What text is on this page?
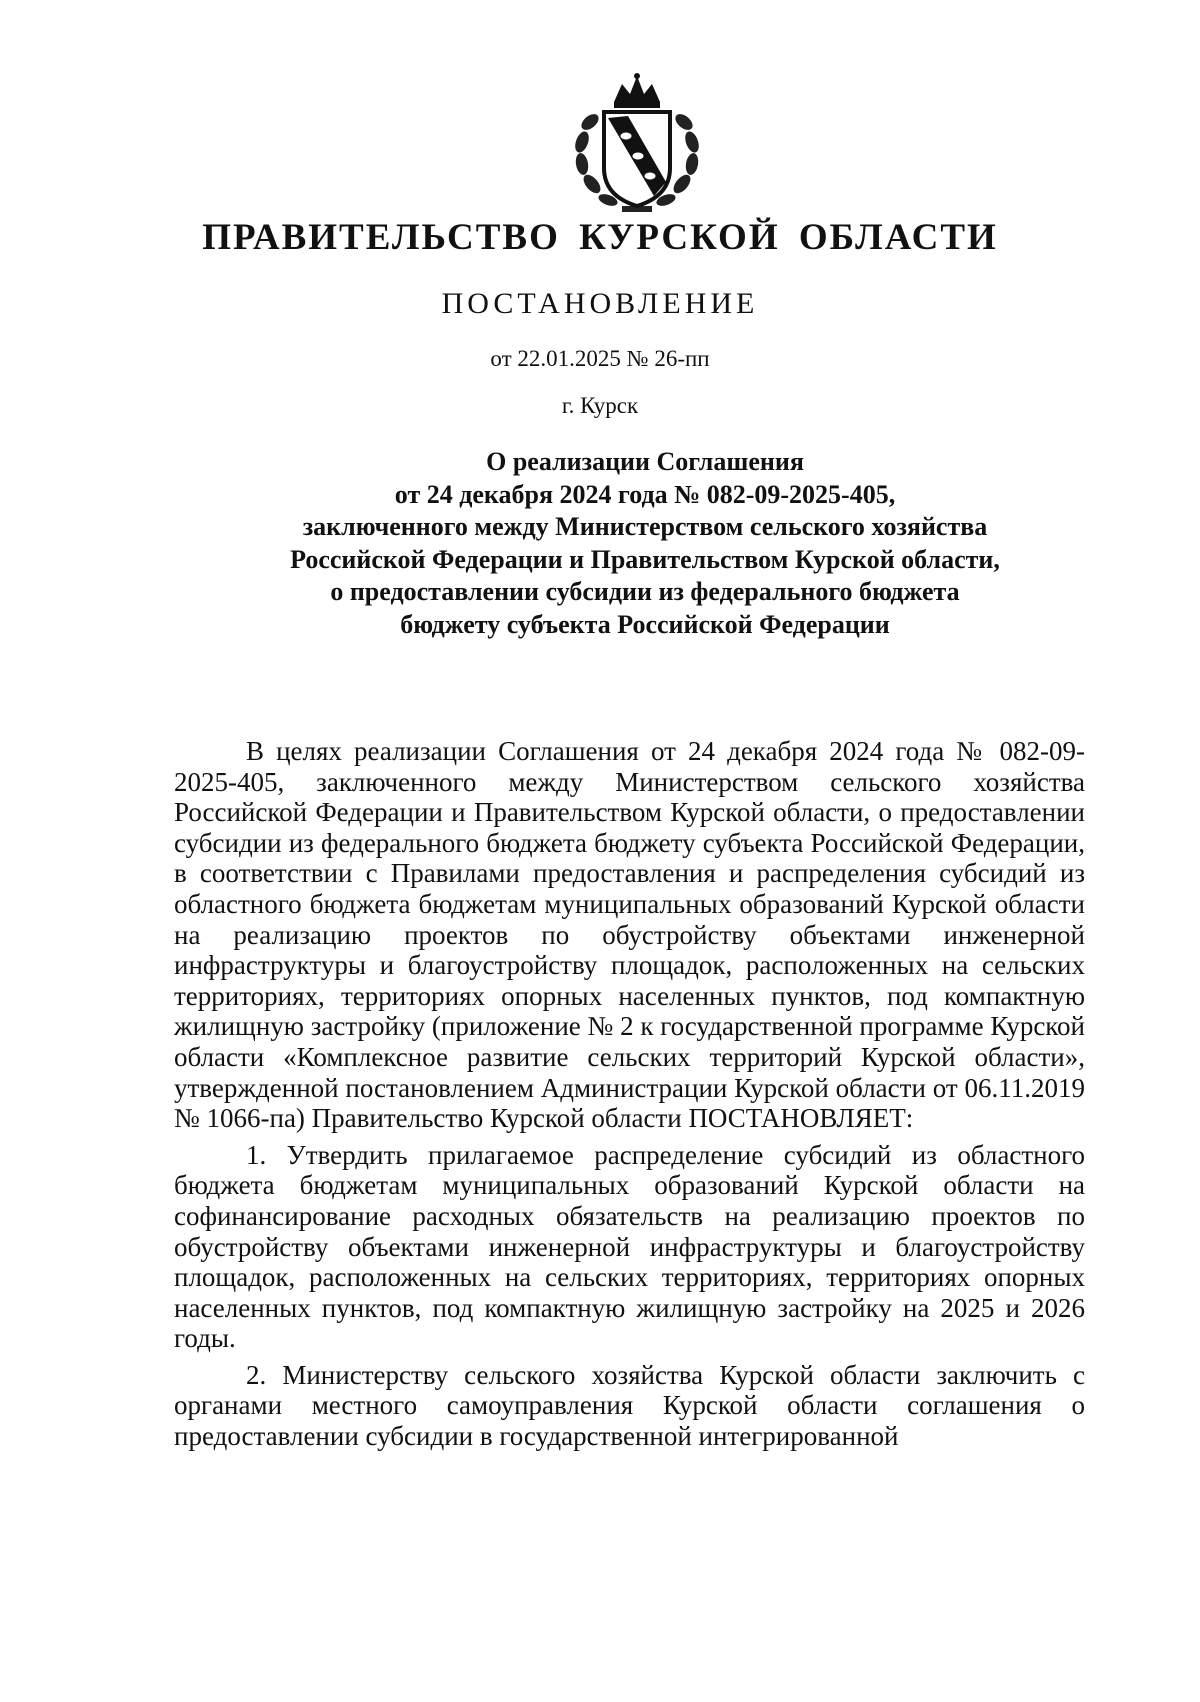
ПРАВИТЕЛЬСТВО КУРСКОЙ ОБЛАСТИ
ПОСТАНОВЛЕНИЕ
от 22.01.2025 № 26-пп
г. Курск
О реализации Соглашения
от 24 декабря 2024 года № 082-09-2025-405,
заключенного между Министерством сельского хозяйства
Российской Федерации и Правительством Курской области,
о предоставлении субсидии из федерального бюджета
бюджету субъекта Российской Федерации

В целях реализации Соглашения от 24 декабря 2024 года № 082-09-2025-405, заключенного между Министерством сельского хозяйства Российской Федерации и Правительством Курской области, о предоставлении субсидии из федерального бюджета бюджету субъекта Российской Федерации, в соответствии с Правилами предоставления и распределения субсидий из областного бюджета бюджетам муниципальных образований Курской области на реализацию проектов по обустройству объектами инженерной инфраструктуры и благоустройству площадок, расположенных на сельских территориях, территориях опорных населенных пунктов, под компактную жилищную застройку (приложение № 2 к государственной программе Курской области «Комплексное развитие сельских территорий Курской области», утвержденной постановлением Администрации Курской области от 06.11.2019 № 1066-па) Правительство Курской области ПОСТАНОВЛЯЕТ:

1. Утвердить прилагаемое распределение субсидий из областного бюджета бюджетам муниципальных образований Курской области на софинансирование расходных обязательств на реализацию проектов по обустройству объектами инженерной инфраструктуры и благоустройству площадок, расположенных на сельских территориях, территориях опорных населенных пунктов, под компактную жилищную застройку на 2025 и 2026 годы.

2. Министерству сельского хозяйства Курской области заключить с органами местного самоуправления Курской области соглашения о предоставлении субсидии в государственной интегрированной
